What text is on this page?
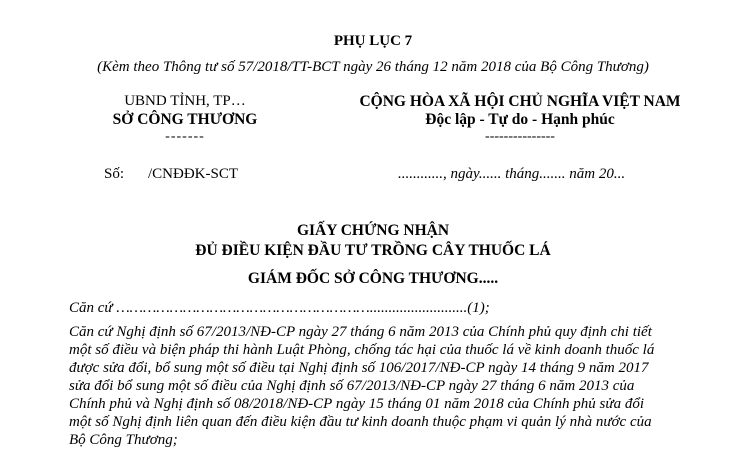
PHỤ LỤC 7
(Kèm theo Thông tư số 57/2018/TT-BCT ngày 26 tháng 12 năm 2018 của Bộ Công Thương)
UBND TỈNH, TP…
SỞ CÔNG THƯƠNG
-------
CỘNG HÒA XÃ HỘI CHỦ NGHĨA VIỆT NAM
Độc lập - Tự do - Hạnh phúc
---------------
Số: /CNĐĐK-SCT	............, ngày...... tháng....... năm 20...
GIẤY CHỨNG NHẬN
ĐỦ ĐIỀU KIỆN ĐẦU TƯ TRỒNG CÂY THUỐC LÁ
GIÁM ĐỐC SỞ CÔNG THƯƠNG.....
Căn cứ …………………………………………………..........................(1);
Căn cứ Nghị định số 67/2013/NĐ-CP ngày 27 tháng 6 năm 2013 của Chính phủ quy định chi tiết
một số điều và biện pháp thi hành Luật Phòng, chống tác hại của thuốc lá về kinh doanh thuốc lá
được sửa đổi, bổ sung một số điều tại Nghị định số 106/2017/NĐ-CP ngày 14 tháng 9 năm 2017
sửa đổi bổ sung một số điều của Nghị định số 67/2013/NĐ-CP ngày 27 tháng 6 năm 2013 của
Chính phủ và Nghị định số 08/2018/NĐ-CP ngày 15 tháng 01 năm 2018 của Chính phủ sửa đổi
một số Nghị định liên quan đến điều kiện đầu tư kinh doanh thuộc phạm vi quản lý nhà nước của
Bộ Công Thương;
